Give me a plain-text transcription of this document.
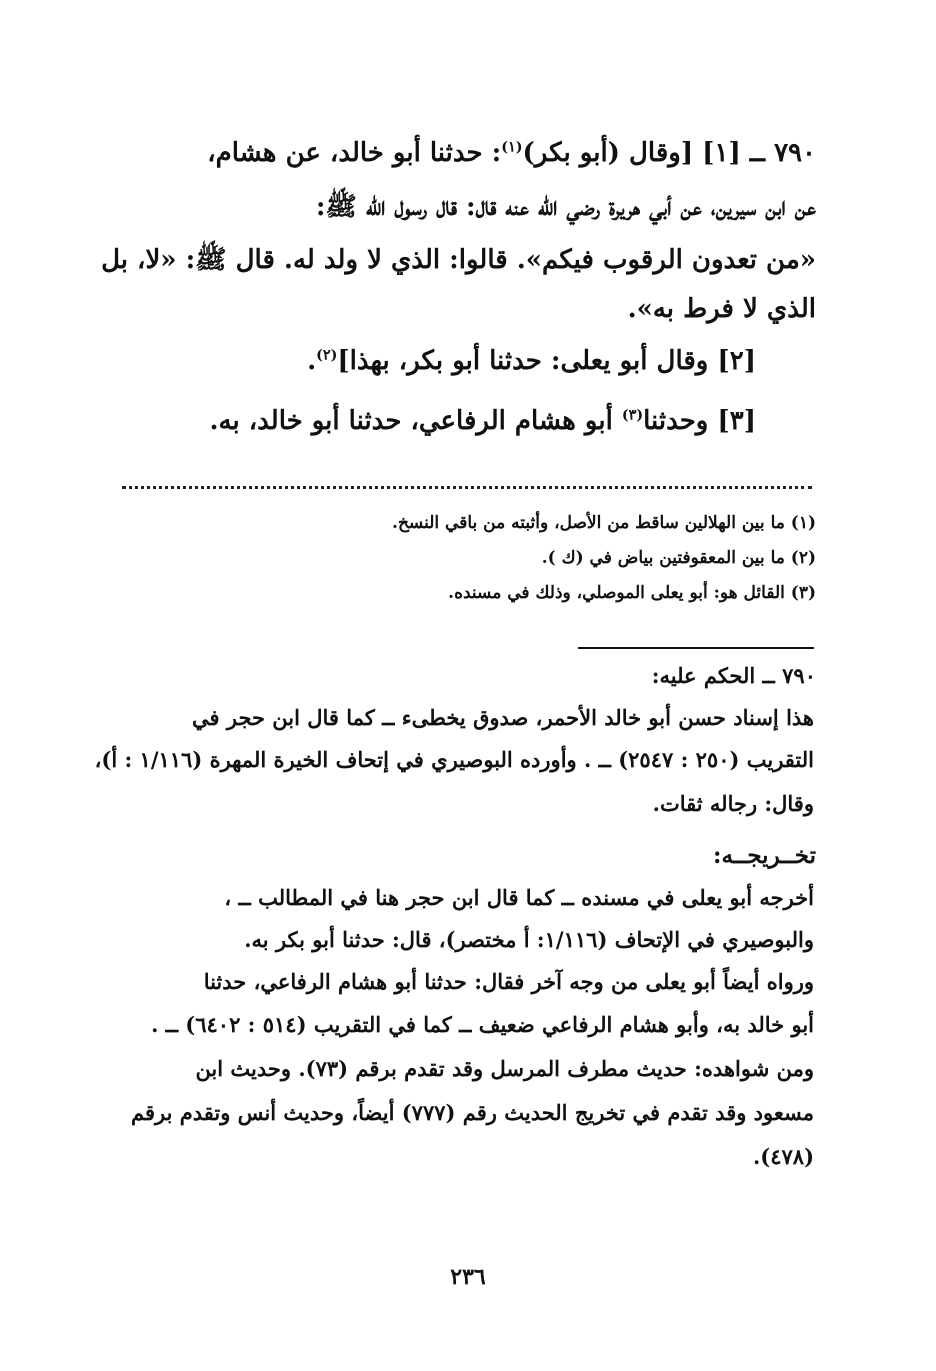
٧٩٠ ــ [١] [وقال (أبو بكر)$^{(١)}$: حدثنا أبو خالد، عن هشام،
عن ابن سيرين، عن أبي هريرة رضي الله عنه قال: قال رسول الله ﷺ:
«من تعدون الرقوب فيكم». قالوا: الذي لا ولد له. قال ﷺ: «لا، بل
الذي لا فرط به».
[٢] وقال أبو يعلى: حدثنا أبو بكر، بهذا]$^{(٢)}$.
[٣] وحدثنا$^{(٣)}$ أبو هشام الرفاعي، حدثنا أبو خالد، به.
(١) ما بين الهلالين ساقط من الأصل، وأثبته من باقي النسخ.
(٢) ما بين المعقوفتين بياض في (ك ).
(٣) القائل هو: أبو يعلى الموصلي، وذلك في مسنده.
٧٩٠ ــ الحكم عليه:
هذا إسناد حسن أبو خالد الأحمر، صدوق يخطىء ــ كما قال ابن حجر في
التقريب (٢٥٠ : ٢٥٤٧) ــ . وأورده البوصيري في إتحاف الخيرة المهرة (١/١١٦ : أ)،
وقال: رجاله ثقات.
تخــريجــه:
أخرجه أبو يعلى في مسنده ــ كما قال ابن حجر هنا في المطالب ــ ،
والبوصيري في الإتحاف (١/١١٦: أ مختصر)، قال: حدثنا أبو بكر به.
ورواه أيضاً أبو يعلى من وجه آخر فقال: حدثنا أبو هشام الرفاعي، حدثنا
أبو خالد به، وأبو هشام الرفاعي ضعيف ــ كما في التقريب (٥١٤ : ٦٤٠٢) ــ .
ومن شواهده: حديث مطرف المرسل وقد تقدم برقم (٧٣). وحديث ابن
مسعود وقد تقدم في تخريج الحديث رقم (٧٧٧) أيضاً، وحديث أنس وتقدم برقم
(٤٧٨).
٢٣٦
